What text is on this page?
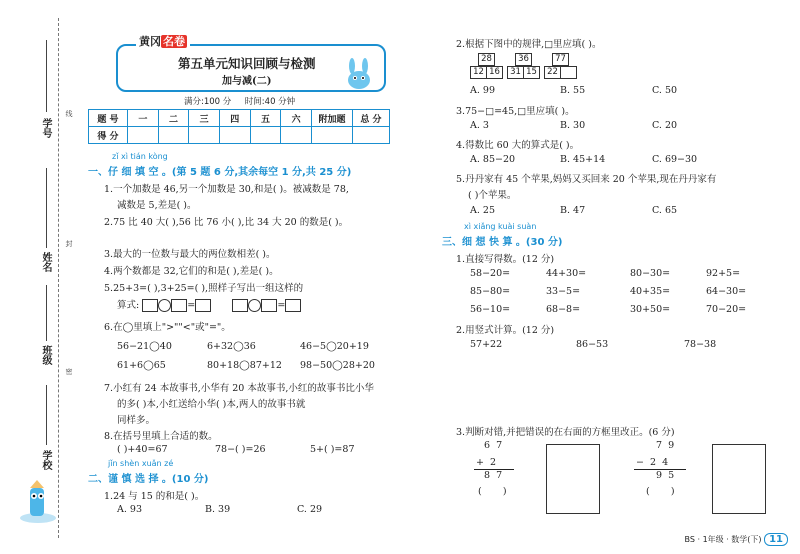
学号
姓名
班级
学校
线
封
密
黄冈 名卷
第五单元知识回顾与检测
加与减(二)
满分:100 分     时间:40 分钟
题 号	一	二	三	四	五	六	附加题	总 分
得 分								
zǐ xì tián kòng
一、仔 细 填 空 。(第 5 题 6 分,其余每空 1 分,共 25 分)
1.一个加数是 46,另一个加数是 30,和是( )。被减数是 78,
减数是 5,差是( )。
2.75 比 40 大( ),56 比 76 小( ),比 34 大 20 的数是( )。
3.最大的一位数与最大的两位数相差( )。
4.两个数都是 32,它们的和是( ),差是( )。
5.25+3=( ),3+25=( ),照样子写出一组这样的
算式:	=	=
6.在◯里填上">""<"或"="。
56−21◯40	6+32◯36	46−5◯20+19
61+6◯65	80+18◯87+12 98−50◯28+20
7.小红有 24 本故事书,小华有 20 本故事书,小红的故事书比小华
的多( )本,小红送给小华( )本,两人的故事书就
同样多。
8.在括号里填上合适的数。
( )+40=67	78−( )=26	5+( )=87
jǐn shèn xuǎn zé
二、谨 慎 选 择 。(10 分)
1.24 与 15 的和是( )。
A. 93	B. 39	C. 29
2.根据下图中的规律,□里应填( )。
28
12 16
36
31 15
77
22
A. 99	B. 55	C. 50
3.75−□=45,□里应填( )。
A. 3	B. 30	C. 20
4.得数比 60 大的算式是( )。
A. 85−20	B. 45+14	C. 69−30
5.丹丹家有 45 个苹果,妈妈又买回来 20 个苹果,现在丹丹家有
( )个苹果。
A. 25	B. 47	C. 65
xì xiǎng kuài suàn
三、细 想 快 算 。(30 分)
1.直接写得数。(12 分)
58−20=	44+30=	80−30=	92+5=
85−80=	33−5=	40+35=	64−30=
56−10=	68−8=	30+50=	70−20=
2.用竖式计算。(12 分)
57+22	86−53	78−38
3.判断对错,并把错误的在右面的方框里改正。(6 分)
6  7
+  2
8  7
(       )
7  9
−  2  4
9  5
(       )
BS · 1年级 · 数学(下) 11
